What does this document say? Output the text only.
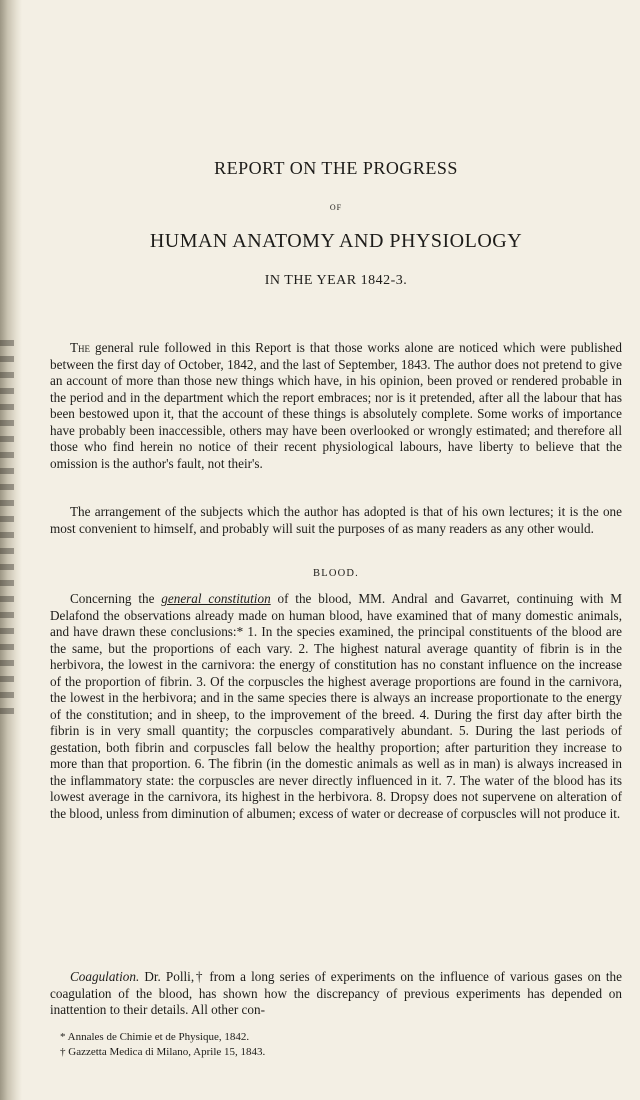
REPORT ON THE PROGRESS
OF
HUMAN ANATOMY AND PHYSIOLOGY
IN THE YEAR 1842-3.

The general rule followed in this Report is that those works alone are noticed which were published between the first day of October, 1842, and the last of September, 1843. The author does not pretend to give an account of more than those new things which have, in his opinion, been proved or rendered probable in the period and in the department which the report embraces; nor is it pretended, after all the labour that has been bestowed upon it, that the account of these things is absolutely complete. Some works of importance have probably been inaccessible, others may have been overlooked or wrongly estimated; and therefore all those who find herein no notice of their recent physiological labours, have liberty to believe that the omission is the author's fault, not their's.

The arrangement of the subjects which the author has adopted is that of his own lectures; it is the one most convenient to himself, and probably will suit the purposes of as many readers as any other would.

BLOOD.

Concerning the general constitution of the blood, MM. Andral and Gavarret, continuing with M Delafond the observations already made on human blood, have examined that of many domestic animals, and have drawn these conclusions:* 1. In the species examined, the principal constituents of the blood are the same, but the proportions of each vary. 2. The highest natural average quantity of fibrin is in the herbivora, the lowest in the carnivora: the energy of constitution has no constant influence on the increase of the proportion of fibrin. 3. Of the corpuscles the highest average proportions are found in the carnivora, the lowest in the herbivora; and in the same species there is always an increase proportionate to the energy of the constitution; and in sheep, to the improvement of the breed. 4. During the first day after birth the fibrin is in very small quantity; the corpuscles comparatively abundant. 5. During the last periods of gestation, both fibrin and corpuscles fall below the healthy proportion; after parturition they increase to more than that proportion. 6. The fibrin (in the domestic animals as well as in man) is always increased in the inflammatory state: the corpuscles are never directly influenced in it. 7. The water of the blood has its lowest average in the carnivora, its highest in the herbivora. 8. Dropsy does not supervene on alteration of the blood, unless from diminution of albumen; excess of water or decrease of corpuscles will not produce it.

Coagulation. Dr. Polli,† from a long series of experiments on the influence of various gases on the coagulation of the blood, has shown how the discrepancy of previous experiments has depended on inattention to their details. All other con-

* Annales de Chimie et de Physique, 1842.
† Gazzetta Medica di Milano, Aprile 15, 1843.
